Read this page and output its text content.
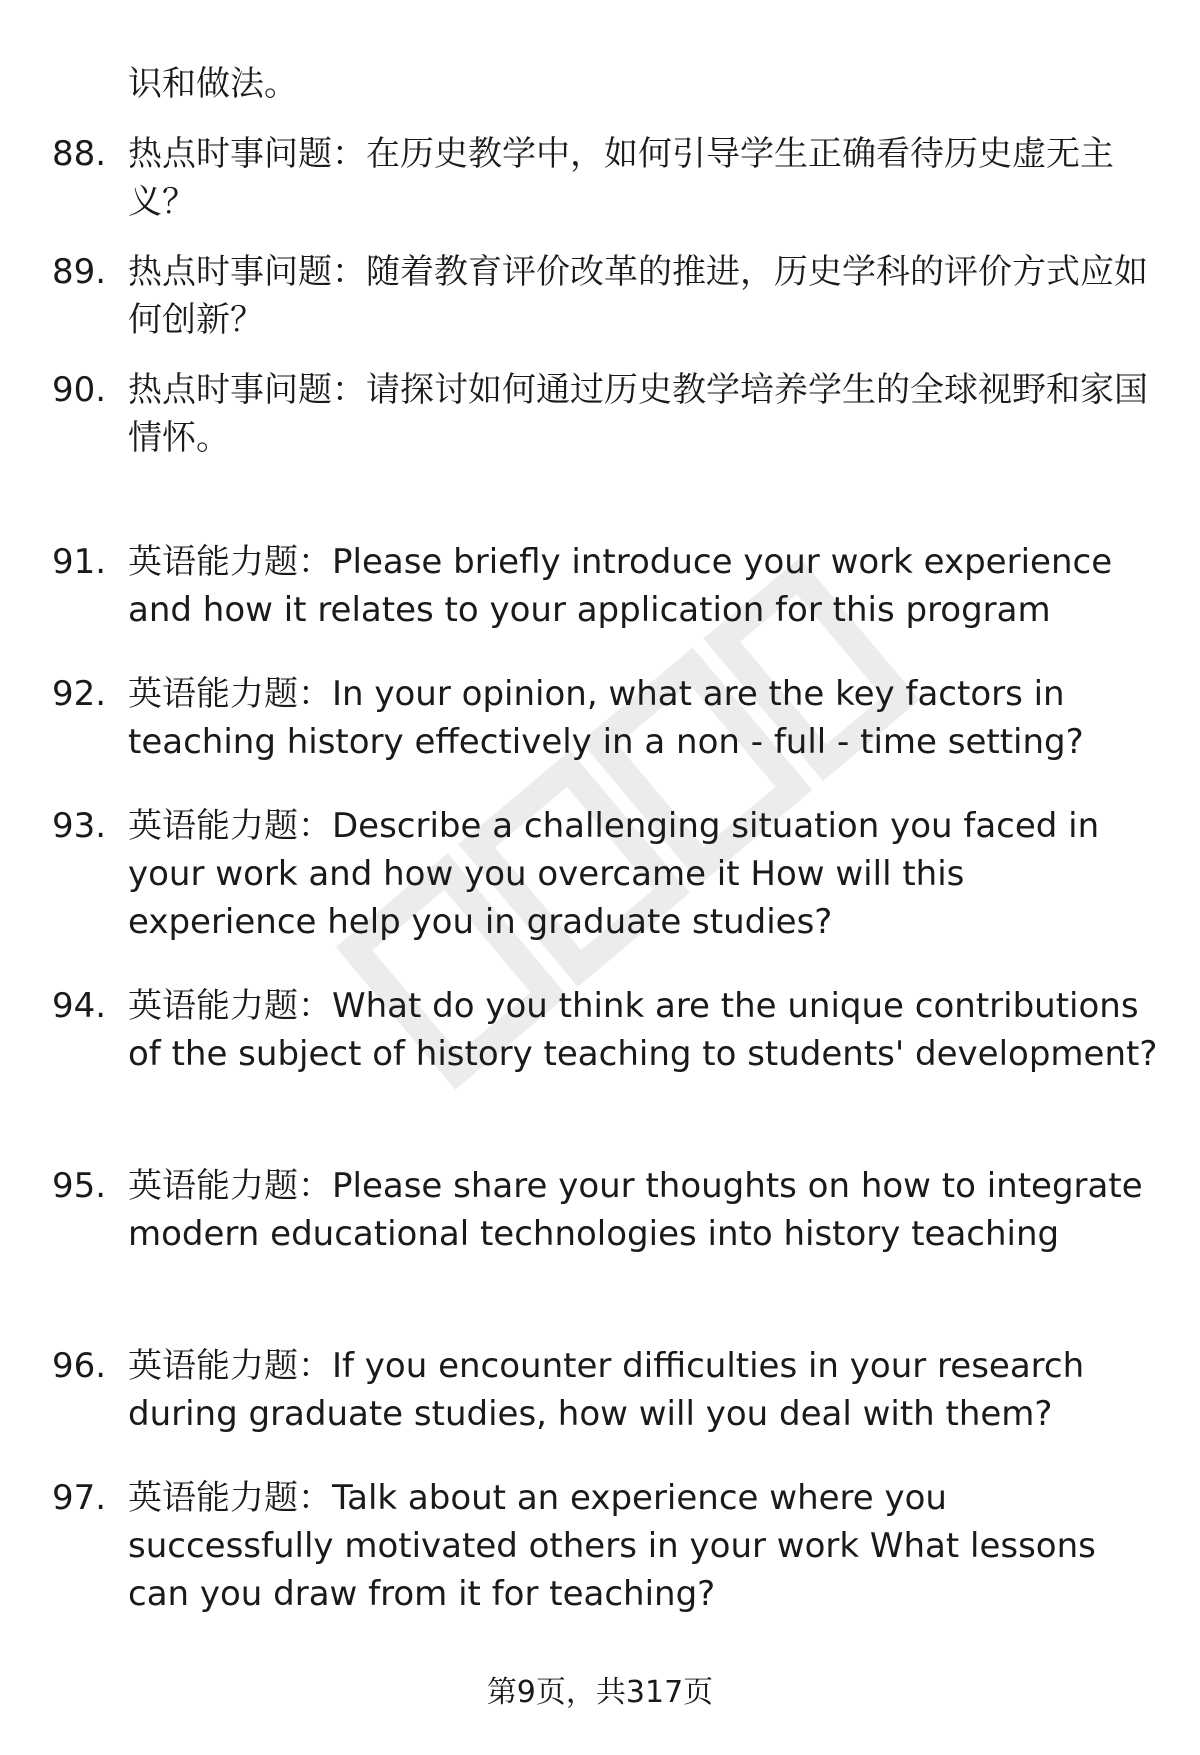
识和做法。
88. 热点时事问题：在历史教学中，如何引导学生正确看待历史虚无主义？
89. 热点时事问题：随着教育评价改革的推进，历史学科的评价方式应如何创新？
90. 热点时事问题：请探讨如何通过历史教学培养学生的全球视野和家国情怀。
91. 英语能力题：Please briefly introduce your work experience and how it relates to your application for this program
92. 英语能力题：In your opinion, what are the key factors in teaching history effectively in a non - full - time setting?
93. 英语能力题：Describe a challenging situation you faced in your work and how you overcame it How will this experience help you in graduate studies?
94. 英语能力题：What do you think are the unique contributions of the subject of history teaching to students' development?
95. 英语能力题：Please share your thoughts on how to integrate modern educational technologies into history teaching
96. 英语能力题：If you encounter difficulties in your research during graduate studies, how will you deal with them?
97. 英语能力题：Talk about an experience where you successfully motivated others in your work What lessons can you draw from it for teaching?
第9页，共317页
